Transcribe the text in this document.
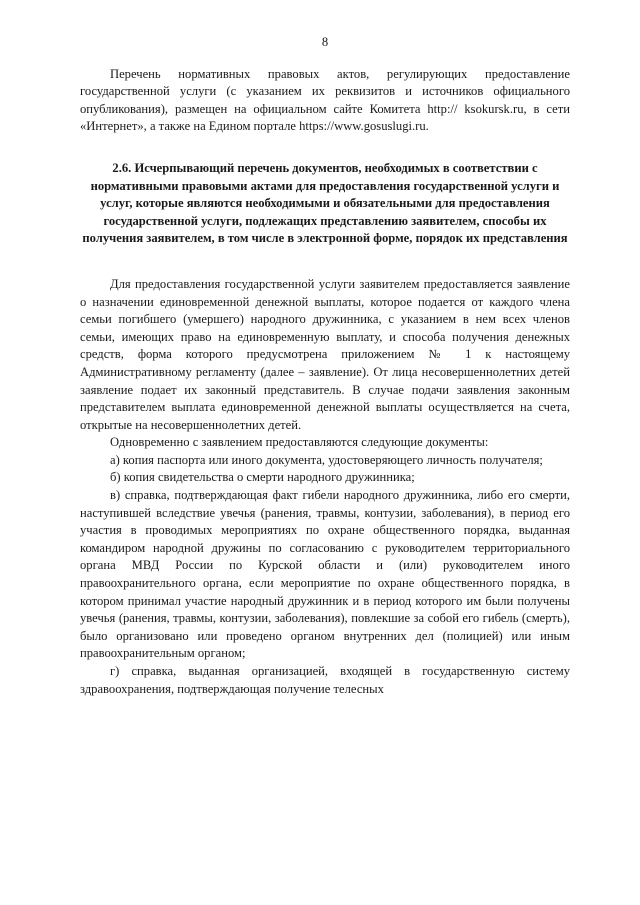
8

Перечень нормативных правовых актов, регулирующих предоставление государственной услуги (с указанием их реквизитов и источников официального опубликования), размещен на официальном сайте Комитета http:// ksokursk.ru, в сети «Интернет», а также на Едином портале https://www.gosuslugi.ru.

2.6. Исчерпывающий перечень документов, необходимых в соответствии с нормативными правовыми актами для предоставления государственной услуги и услуг, которые являются необходимыми и обязательными для предоставления государственной услуги, подлежащих представлению заявителем, способы их получения заявителем, в том числе в электронной форме, порядок их представления

Для предоставления государственной услуги заявителем предоставляется заявление о назначении единовременной денежной выплаты, которое подается от каждого члена семьи погибшего (умершего) народного дружинника, с указанием в нем всех членов семьи, имеющих право на единовременную выплату, и способа получения денежных средств, форма которого предусмотрена приложением № 1 к настоящему Административному регламенту (далее – заявление). От лица несовершеннолетних детей заявление подает их законный представитель. В случае подачи заявления законным представителем выплата единовременной денежной выплаты осуществляется на счета, открытые на несовершеннолетних детей.

Одновременно с заявлением предоставляются следующие документы:

а) копия паспорта или иного документа, удостоверяющего личность получателя;

б) копия свидетельства о смерти народного дружинника;

в) справка, подтверждающая факт гибели народного дружинника, либо его смерти, наступившей вследствие увечья (ранения, травмы, контузии, заболевания), в период его участия в проводимых мероприятиях по охране общественного порядка, выданная командиром народной дружины по согласованию с руководителем территориального органа МВД России по Курской области и (или) руководителем иного правоохранительного органа, если мероприятие по охране общественного порядка, в котором принимал участие народный дружинник и в период которого им были получены увечья (ранения, травмы, контузии, заболевания), повлекшие за собой его гибель (смерть), было организовано или проведено органом внутренних дел (полицией) или иным правоохранительным органом;

г) справка, выданная организацией, входящей в государственную систему здравоохранения, подтверждающая получение телесных
